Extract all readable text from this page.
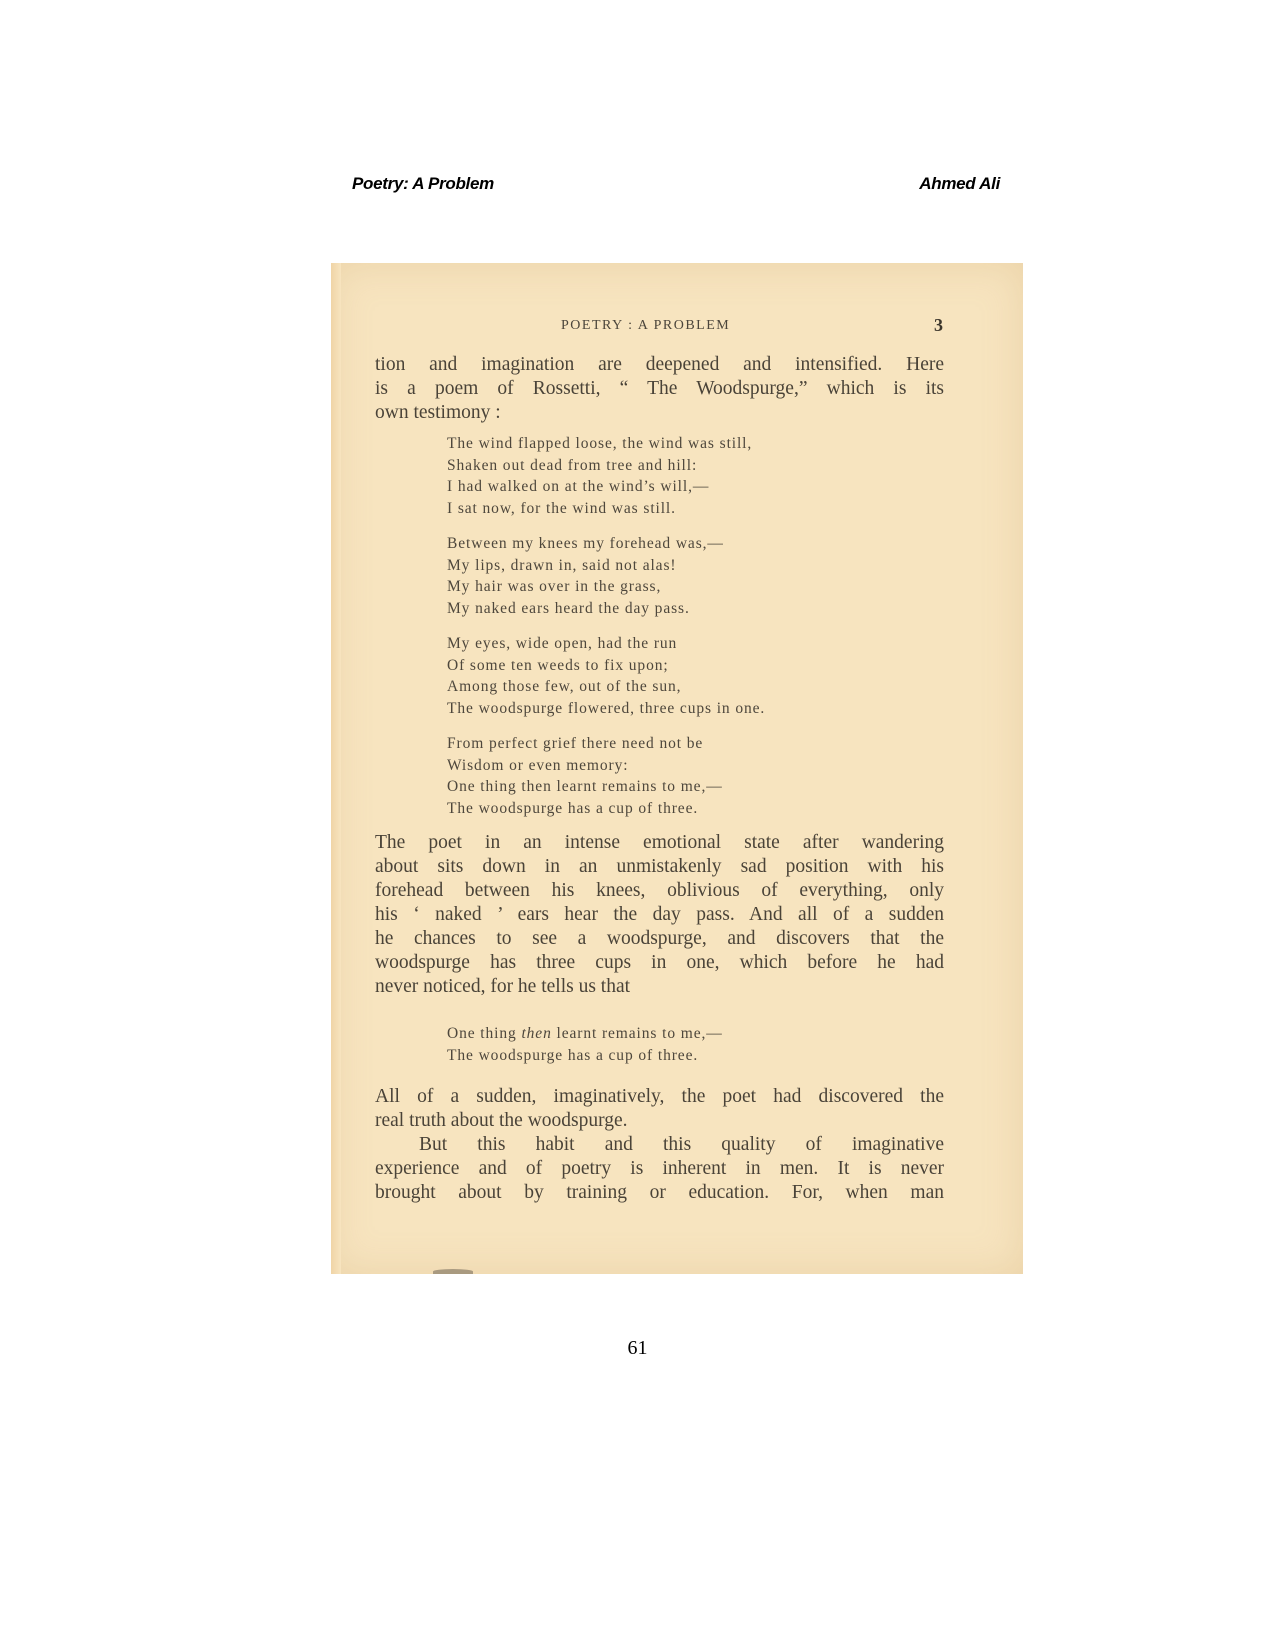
Poetry: A Problem	Ahmed Ali
POETRY : A PROBLEM	3
tion and imagination are deepened and intensified. Here
is a poem of Rossetti, “ The Woodspurge,” which is its
own testimony :
The wind flapped loose, the wind was still,
Shaken out dead from tree and hill:
I had walked on at the wind’s will,—
I sat now, for the wind was still.
Between my knees my forehead was,—
My lips, drawn in, said not alas!
My hair was over in the grass,
My naked ears heard the day pass.
My eyes, wide open, had the run
Of some ten weeds to fix upon;
Among those few, out of the sun,
The woodspurge flowered, three cups in one.
From perfect grief there need not be
Wisdom or even memory:
One thing then learnt remains to me,—
The woodspurge has a cup of three.
The poet in an intense emotional state after wandering
about sits down in an unmistakenly sad position with his
forehead between his knees, oblivious of everything, only
his ‘ naked ’ ears hear the day pass. And all of a sudden
he chances to see a woodspurge, and discovers that the
woodspurge has three cups in one, which before he had
never noticed, for he tells us that
One thing then learnt remains to me,—
The woodspurge has a cup of three.
All of a sudden, imaginatively, the poet had discovered the
real truth about the woodspurge.
But this habit and this quality of imaginative
experience and of poetry is inherent in men. It is never
brought about by training or education. For, when man
61
